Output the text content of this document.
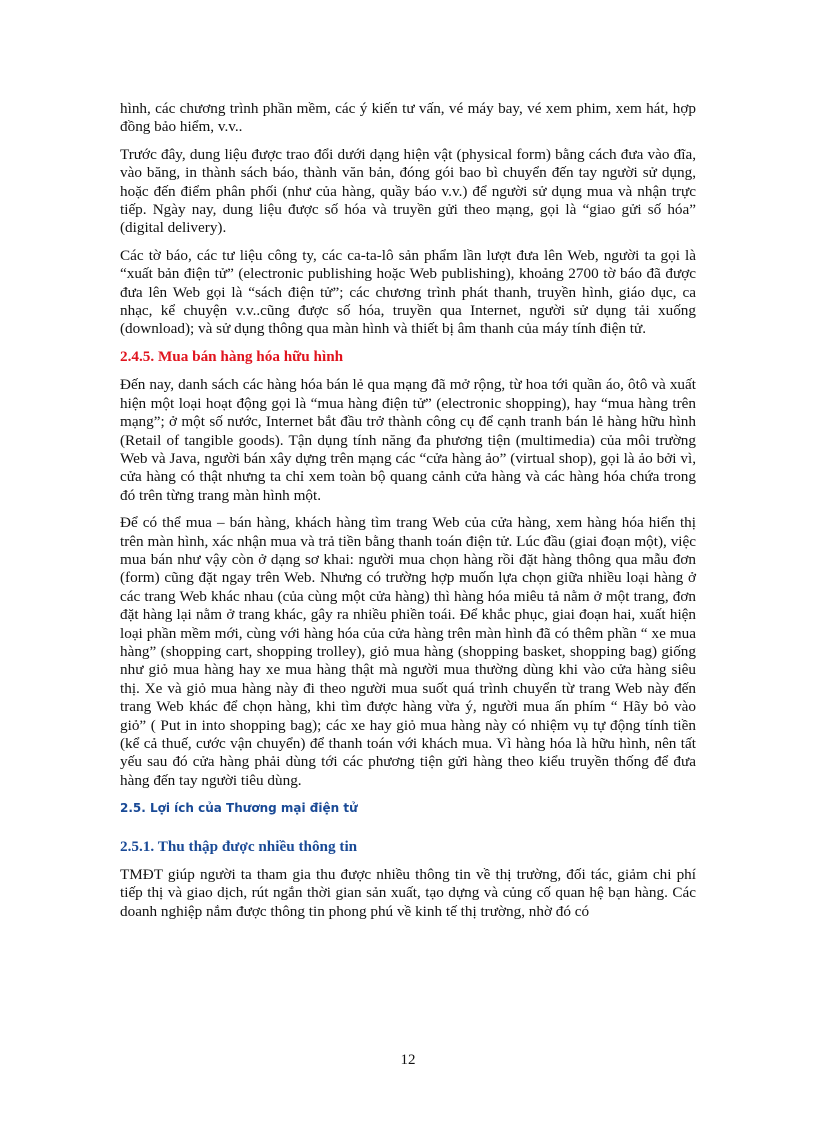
hình, các chương trình phần mềm, các ý kiến tư vấn, vé máy bay, vé xem phim, xem hát, hợp đồng bảo hiểm, v.v..

Trước đây, dung liệu được trao đổi dưới dạng hiện vật (physical form) bằng cách đưa vào đĩa, vào băng, in thành sách báo, thành văn bản, đóng gói bao bì chuyển đến tay người sử dụng, hoặc đến điểm phân phối (như của hàng, quầy báo v.v.) để người sử dụng mua và nhận trực tiếp. Ngày nay, dung liệu được số hóa và truyền gửi theo mạng, gọi là “giao gửi số hóa” (digital delivery).

Các tờ báo, các tư liệu công ty, các ca-ta-lô sản phẩm lần lượt đưa lên Web, người ta gọi là “xuất bản điện tử” (electronic publishing hoặc Web publishing), khoảng 2700 tờ báo đã được đưa lên Web gọi là “sách điện tử”; các chương trình phát thanh, truyền hình, giáo dục, ca nhạc, kể chuyện v.v..cũng được số hóa, truyền qua Internet, người sử dụng tải xuống (download); và sử dụng thông qua màn hình và thiết bị âm thanh của máy tính điện tử.

2.4.5. Mua bán hàng hóa hữu hình

Đến nay, danh sách các hàng hóa bán lẻ qua mạng đã mở rộng, từ hoa tới quần áo, ôtô và xuất hiện một loại hoạt động gọi là “mua hàng điện tử” (electronic shopping), hay “mua hàng trên mạng”; ở một số nước, Internet bắt đầu trở thành công cụ để cạnh tranh bán lẻ hàng hữu hình (Retail of tangible goods). Tận dụng tính năng đa phương tiện (multimedia) của môi trường Web và Java, người bán xây dựng trên mạng các “cửa hàng ảo” (virtual shop), gọi là ảo bởi vì, cửa hàng có thật nhưng ta chỉ xem toàn bộ quang cảnh cửa hàng và các hàng hóa chứa trong đó trên từng trang màn hình một.

Để có thể mua – bán hàng, khách hàng tìm trang Web của cửa hàng, xem hàng hóa hiển thị trên màn hình, xác nhận mua và trả tiền bằng thanh toán điện tử. Lúc đầu (giai đoạn một), việc mua bán như vậy còn ở dạng sơ khai: người mua chọn hàng rồi đặt hàng thông qua mẫu đơn (form) cũng đặt ngay trên Web. Nhưng có trường hợp muốn lựa chọn giữa nhiều loại hàng ở các trang Web khác nhau (của cùng một cửa hàng) thì hàng hóa miêu tả nằm ở một trang, đơn đặt hàng lại nằm ở trang khác, gây ra nhiều phiền toái. Để khắc phục, giai đoạn hai, xuất hiện loại phần mềm mới, cùng với hàng hóa của cửa hàng trên màn hình đã có thêm phần “ xe mua hàng” (shopping cart, shopping trolley), giỏ mua hàng (shopping basket, shopping bag) giống như giỏ mua hàng hay xe mua hàng thật mà người mua thường dùng khi vào cửa hàng siêu thị. Xe và giỏ mua hàng này đi theo người mua suốt quá trình chuyển từ trang Web này đến trang Web khác để chọn hàng, khi tìm được hàng vừa ý, người mua ấn phím “ Hãy bỏ vào giỏ” ( Put in into shopping bag); các xe hay giỏ mua hàng này có nhiệm vụ tự động tính tiền (kể cả thuế, cước vận chuyển) để thanh toán với khách mua. Vì hàng hóa là hữu hình, nên tất yếu sau đó cửa hàng phải dùng tới các phương tiện gửi hàng theo kiểu truyền thống để đưa hàng đến tay người tiêu dùng.

2.5. Lợi ích của Thương mại điện tử
2.5.1. Thu thập được nhiều thông tin

TMĐT giúp người ta tham gia thu được nhiều thông tin về thị trường, đối tác, giảm chi phí tiếp thị và giao dịch, rút ngắn thời gian sản xuất, tạo dựng và củng cố quan hệ bạn hàng. Các doanh nghiệp nắm được thông tin phong phú về kinh tế thị trường, nhờ đó có

12
